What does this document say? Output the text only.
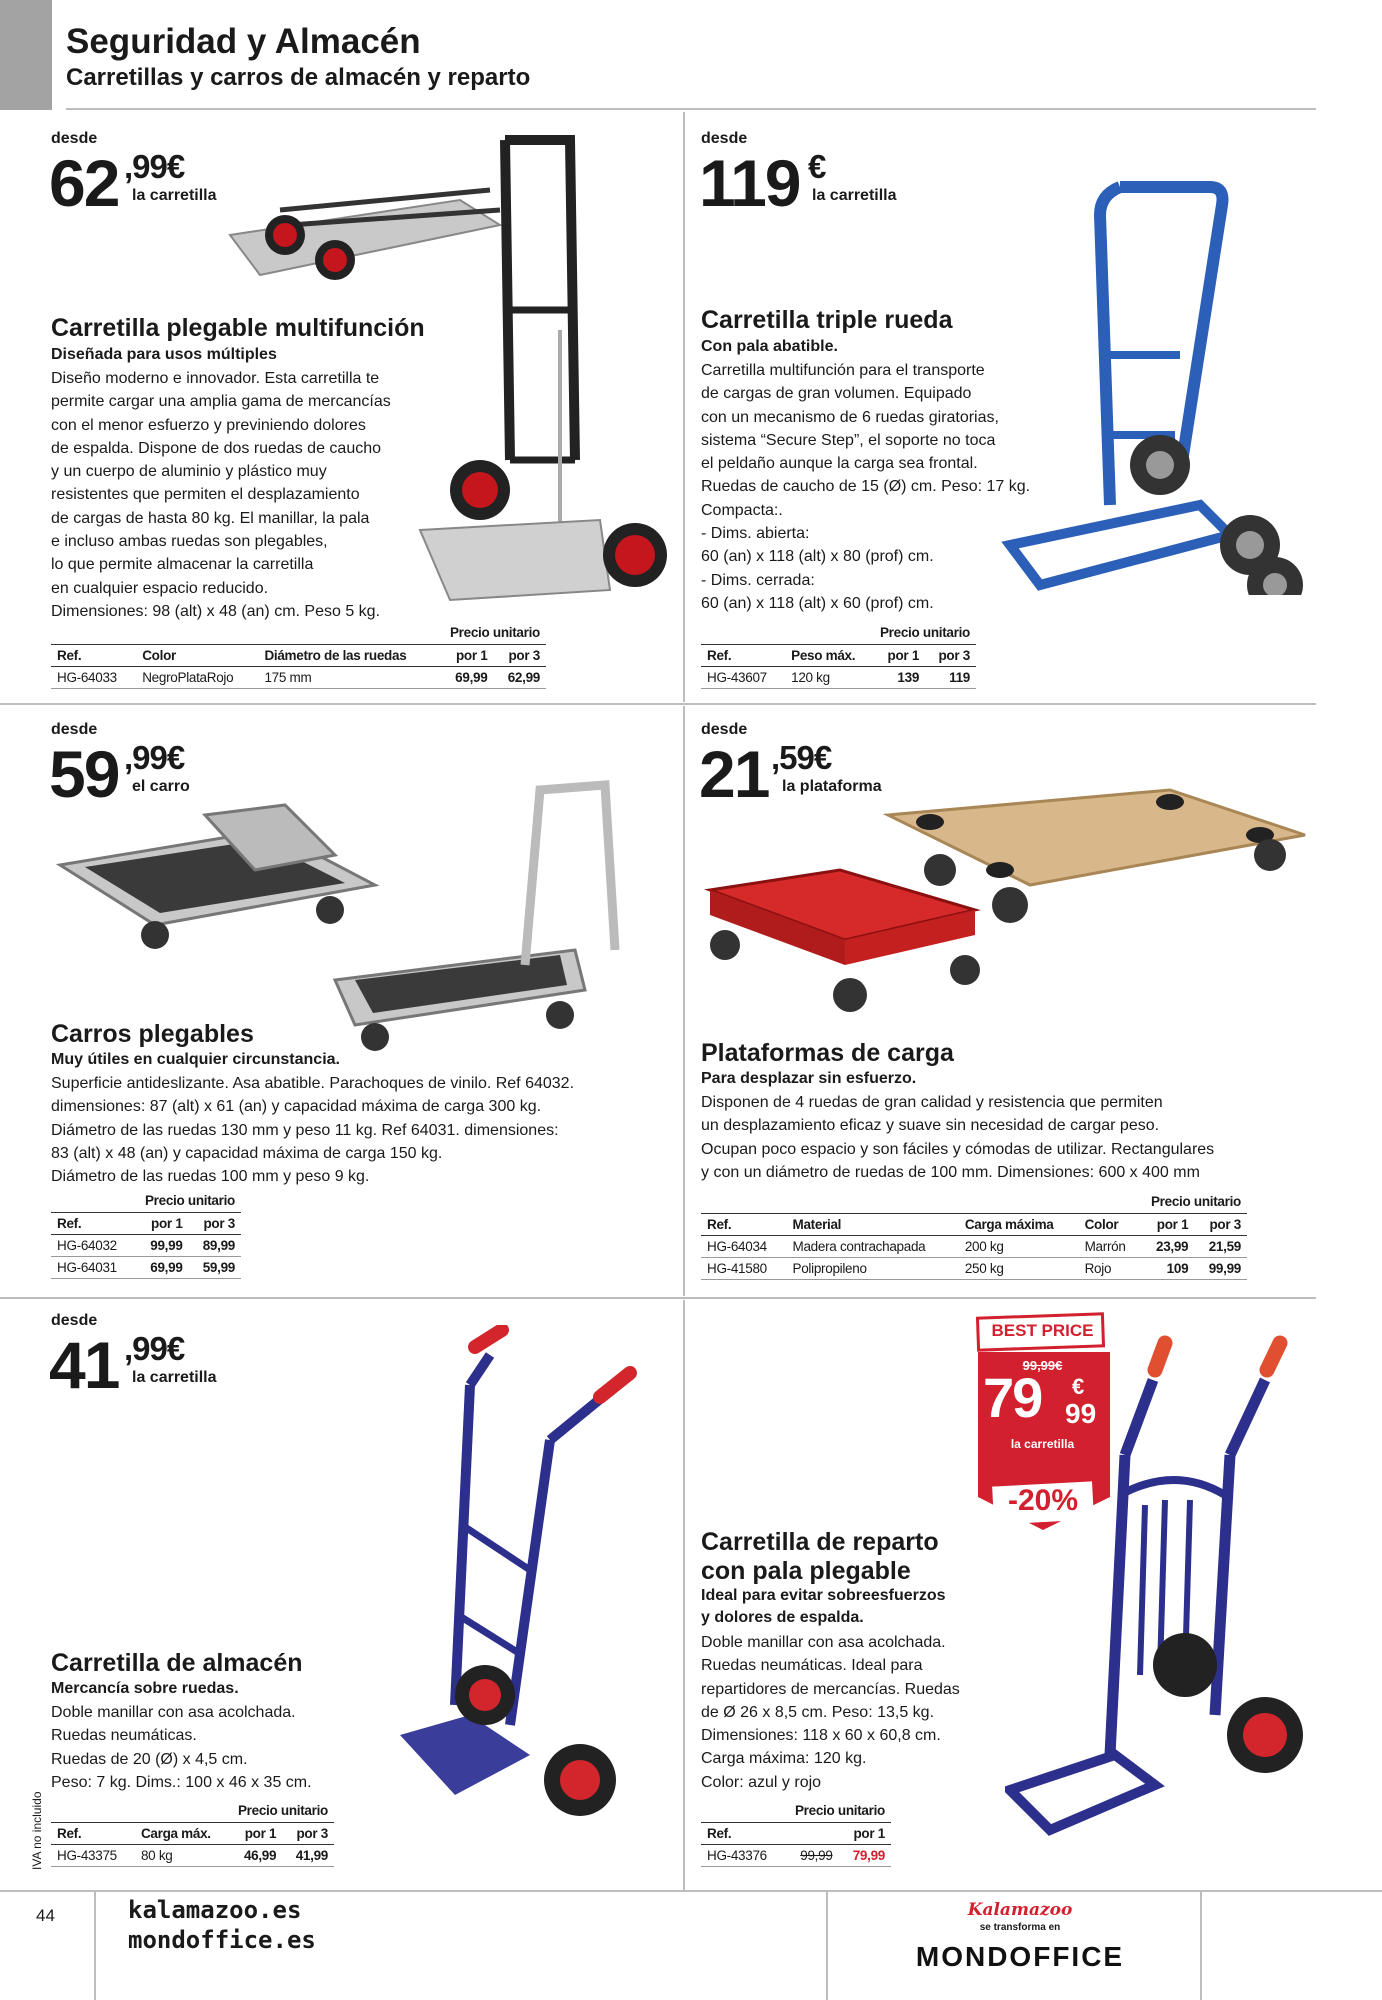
Seguridad y Almacén
Carretillas y carros de almacén y reparto
desde
62 ,99€
la carretilla
Carretilla plegable multifunción
Diseñada para usos múltiples
Diseño moderno e innovador. Esta carretilla te
permite cargar una amplia gama de mercancías
con el menor esfuerzo y previniendo dolores
de espalda. Dispone de dos ruedas de caucho
y un cuerpo de aluminio y plástico muy
resistentes que permiten el desplazamiento
de cargas de hasta 80 kg. El manillar, la pala
e incluso ambas ruedas son plegables,
lo que permite almacenar la carretilla
en cualquier espacio reducido.
Dimensiones: 98 (alt) x 48 (an) cm. Peso 5 kg.
Precio unitario				
Ref.	Color	Diámetro de las ruedas	por 1	por 3
HG-64033	NegroPlataRojo	175 mm	69,99	62,99
desde
119 €
la carretilla
Carretilla triple rueda
Con pala abatible.
Carretilla multifunción para el transporte
de cargas de gran volumen. Equipado
con un mecanismo de 6 ruedas giratorias,
sistema “Secure Step”, el soporte no toca
el peldaño aunque la carga sea frontal.
Ruedas de caucho de 15 (Ø) cm. Peso: 17 kg.
Compacta:.
- Dims. abierta:
60 (an) x 118 (alt) x 80 (prof) cm.
- Dims. cerrada:
60 (an) x 118 (alt) x 60 (prof) cm.
Precio unitario			
Ref.	Peso máx.	por 1	por 3
HG-43607	120 kg	139	119
desde
59 ,99€
el carro
Carros plegables
Muy útiles en cualquier circunstancia.
Superficie antideslizante. Asa abatible. Parachoques de vinilo. Ref 64032.
dimensiones: 87 (alt) x 61 (an) y capacidad máxima de carga 300 kg.
Diámetro de las ruedas 130 mm y peso 11 kg. Ref 64031. dimensiones:
83 (alt) x 48 (an) y capacidad máxima de carga 150 kg.
Diámetro de las ruedas 100 mm y peso 9 kg.
Precio unitario		
Ref.	por 1	por 3
HG-64032	99,99	89,99
HG-64031	69,99	59,99
desde
21 ,59€
la plataforma
Plataformas de carga
Para desplazar sin esfuerzo.
Disponen de 4 ruedas de gran calidad y resistencia que permiten
un desplazamiento eficaz y suave sin necesidad de cargar peso.
Ocupan poco espacio y son fáciles y cómodas de utilizar. Rectangulares
y con un diámetro de ruedas de 100 mm. Dimensiones: 600 x 400 mm
Precio unitario					
Ref.	Material	Carga máxima	Color	por 1	por 3
HG-64034	Madera contrachapada	200 kg	Marrón	23,99	21,59
HG-41580	Polipropileno	250 kg	Rojo	109	99,99
desde
41 ,99€
la carretilla
Carretilla de almacén
Mercancía sobre ruedas.
Doble manillar con asa acolchada.
Ruedas neumáticas.
Ruedas de 20 (Ø) x 4,5 cm.
Peso: 7 kg. Dims.: 100 x 46 x 35 cm.
Precio unitario			
Ref.	Carga máx.	por 1	por 3
HG-43375	80 kg	46,99	41,99
BEST PRICE
99,99€
79 €
99
la carretilla
-20%
Carretilla de reparto
con pala plegable
Ideal para evitar sobreesfuerzos
y dolores de espalda.
Doble manillar con asa acolchada.
Ruedas neumáticas. Ideal para
repartidores de mercancías. Ruedas
de Ø 26 x 8,5 cm. Peso: 13,5 kg.
Dimensiones: 118 x 60 x 60,8 cm.
Carga máxima: 120 kg.
Color: azul y rojo
Precio unitario		
Ref.		por 1
HG-43376	99,99	79,99
IVA no incluido
44	kalamazoo.es
mondoffice.es
Kalamazoo
se transforma en
MONDOFFICE
